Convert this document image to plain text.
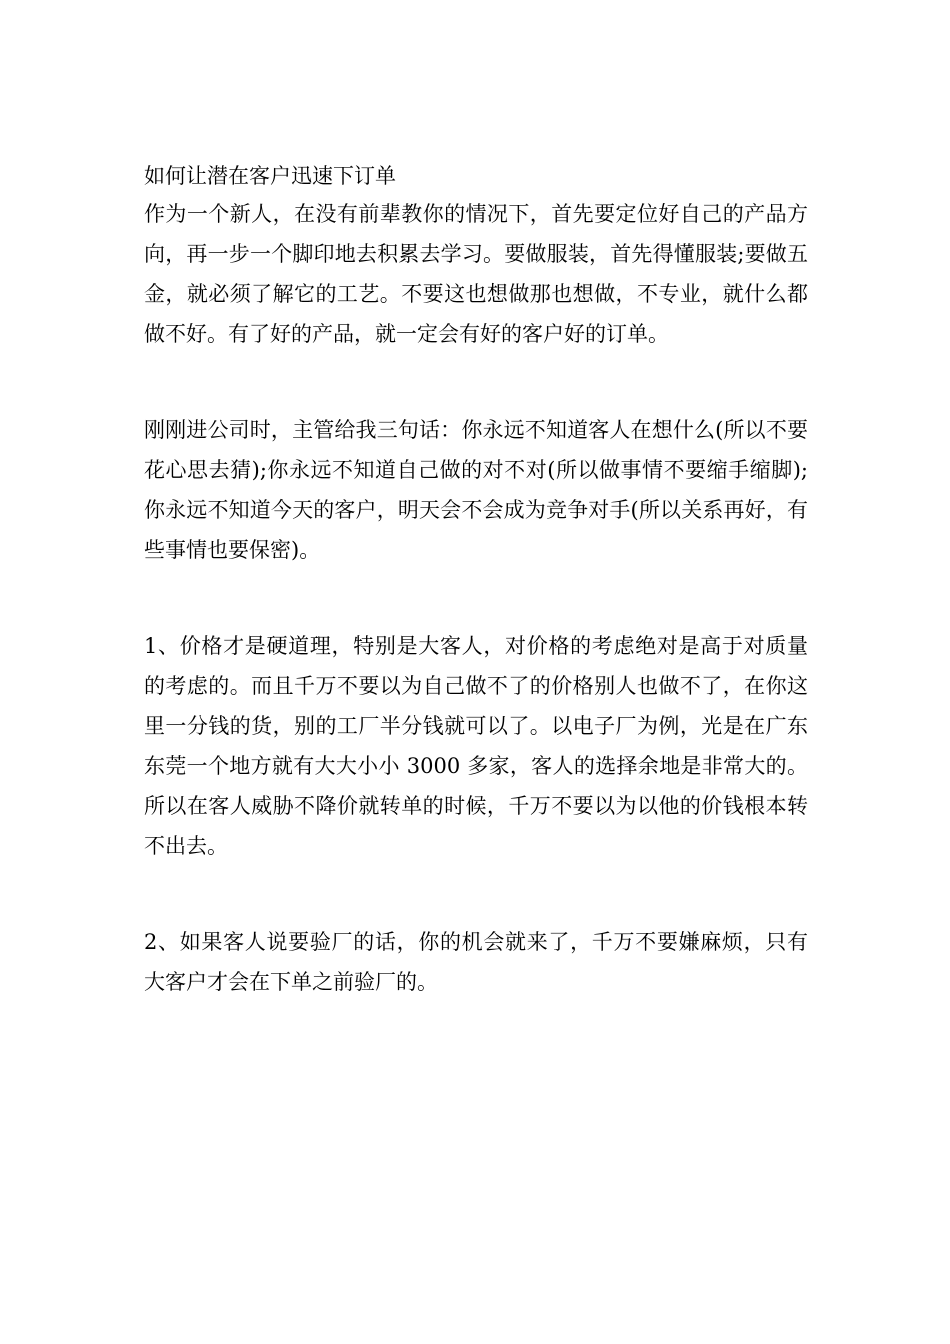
如何让潜在客户迅速下订单

作为一个新人，在没有前辈教你的情况下，首先要定位好自己的产品方向，再一步一个脚印地去积累去学习。要做服装，首先得懂服装;要做五金，就必须了解它的工艺。不要这也想做那也想做，不专业，就什么都做不好。有了好的产品，就一定会有好的客户好的订单。

刚刚进公司时，主管给我三句话：你永远不知道客人在想什么(所以不要花心思去猜);你永远不知道自己做的对不对(所以做事情不要缩手缩脚);你永远不知道今天的客户，明天会不会成为竞争对手(所以关系再好，有些事情也要保密)。

1、价格才是硬道理，特别是大客人，对价格的考虑绝对是高于对质量的考虑的。而且千万不要以为自己做不了的价格别人也做不了，在你这里一分钱的货，别的工厂半分钱就可以了。以电子厂为例，光是在广东东莞一个地方就有大大小小 3000 多家，客人的选择余地是非常大的。所以在客人威胁不降价就转单的时候，千万不要以为以他的价钱根本转不出去。

2、如果客人说要验厂的话，你的机会就来了，千万不要嫌麻烦，只有大客户才会在下单之前验厂的。
